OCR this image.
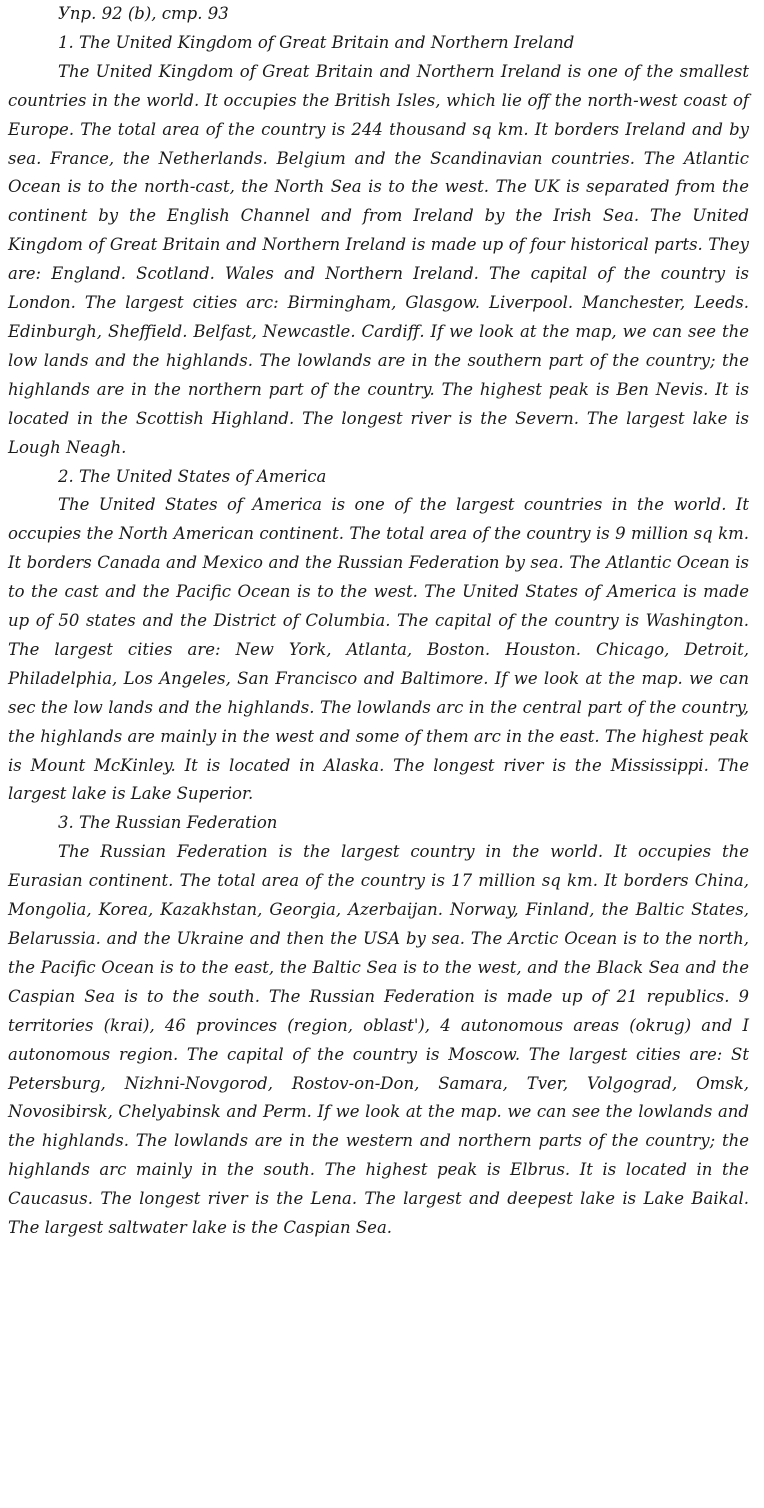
Упр. 92 (b), стр. 93

1. The United Kingdom of Great Britain and Northern Ireland

The United Kingdom of Great Britain and Northern Ireland is one of the smallest countries in the world. It occupies the British Isles, which lie off the north-west coast of Europe. The total area of the country is 244 thousand sq km. It borders Ireland and by sea. France, the Netherlands. Belgium and the Scandinavian countries. The Atlantic Ocean is to the north-cast, the North Sea is to the west. The UK is separated from the continent by the English Channel and from Ireland by the Irish Sea. The United Kingdom of Great Britain and Northern Ireland is made up of four historical parts. They are: England. Scotland. Wales and Northern Ireland. The capital of the country is London. The largest cities arc: Birmingham, Glasgow. Liverpool. Manchester, Leeds. Edinburgh, Sheffield. Belfast, Newcastle. Cardiff. If we look at the map, we can see the low lands and the highlands. The lowlands are in the southern part of the country; the highlands are in the northern part of the country. The highest peak is Ben Nevis. It is located in the Scottish Highland. The longest river is the Severn. The largest lake is Lough Neagh.

2. The United States of America

The United States of America is one of the largest countries in the world. It occupies the North American continent. The total area of the country is 9 million sq km. It borders Canada and Mexico and the Russian Federation by sea. The Atlantic Ocean is to the cast and the Pacific Ocean is to the west. The United States of America is made up of 50 states and the District of Columbia. The capital of the country is Washington. The largest cities are: New York, Atlanta, Boston. Houston. Chicago, Detroit, Philadelphia, Los Angeles, San Francisco and Baltimore. If we look at the map. we can sec the low lands and the highlands. The lowlands arc in the central part of the country, the highlands are mainly in the west and some of them arc in the east. The highest peak is Mount McKinley. It is located in Alaska. The longest river is the Mississippi. The largest lake is Lake Superior.

3. The Russian Federation

The Russian Federation is the largest country in the world. It occupies the Eurasian continent. The total area of the country is 17 million sq km. It borders China, Mongolia, Korea, Kazakhstan, Georgia, Azerbaijan. Norway, Finland, the Baltic States, Belarussia. and the Ukraine and then the USA by sea. The Arctic Ocean is to the north, the Pacific Ocean is to the east, the Baltic Sea is to the west, and the Black Sea and the Caspian Sea is to the south. The Russian Federation is made up of 21 republics. 9 territories (krai), 46 provinces (region, oblast'), 4 autonomous areas (okrug) and I autonomous region. The capital of the country is Moscow. The largest cities are: St Petersburg, Nizhni-Novgorod, Rostov-on-Don, Samara, Tver, Volgograd, Omsk, Novosibirsk, Chelyabinsk and Perm. If we look at the map. we can see the lowlands and the highlands. The lowlands are in the western and northern parts of the country; the highlands arc mainly in the south. The highest peak is Elbrus. It is located in the Caucasus. The longest river is the Lena. The largest and deepest lake is Lake Baikal. The largest saltwater lake is the Caspian Sea.
